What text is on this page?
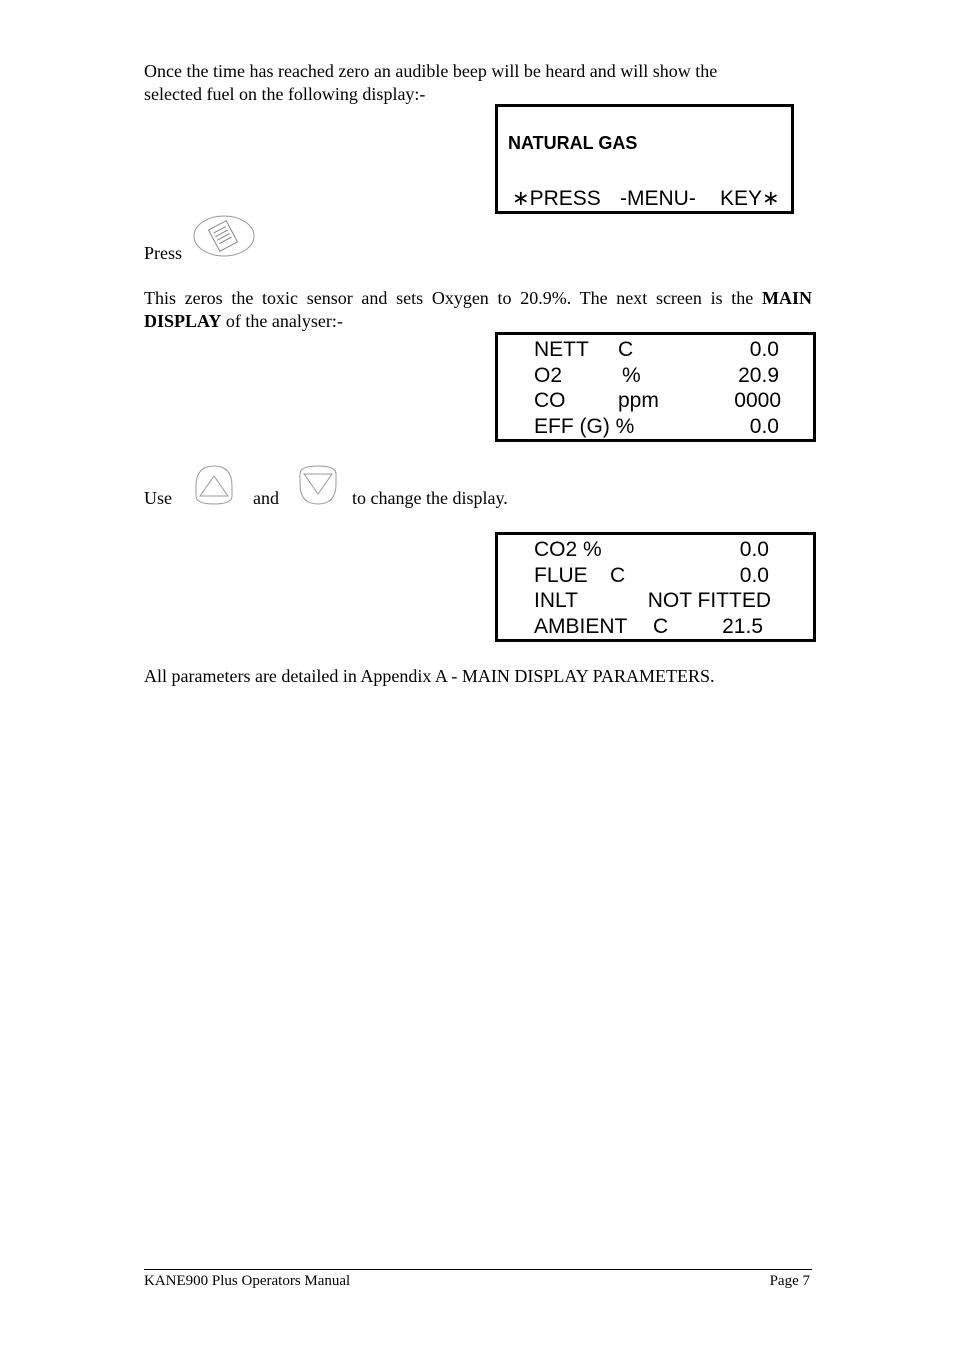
Once the time has reached zero an audible beep will be heard and will show the
selected fuel on the following display:-
NATURAL GAS
∗PRESS -MENU- KEY∗
Press
This zeros the toxic sensor and sets Oxygen to 20.9%. The next screen is the MAIN
DISPLAY of the analyser:-
NETT C	0.0
O2	%	20.9
CO	ppm	0000
EFF (G) %	0.0
Use	and	to change the display.
CO2 %	0.0
FLUE C	0.0
INLT	NOT FITTED
AMBIENT C	21.5
All parameters are detailed in Appendix A - MAIN DISPLAY PARAMETERS.
KANE900 Plus Operators Manual	Page 7
